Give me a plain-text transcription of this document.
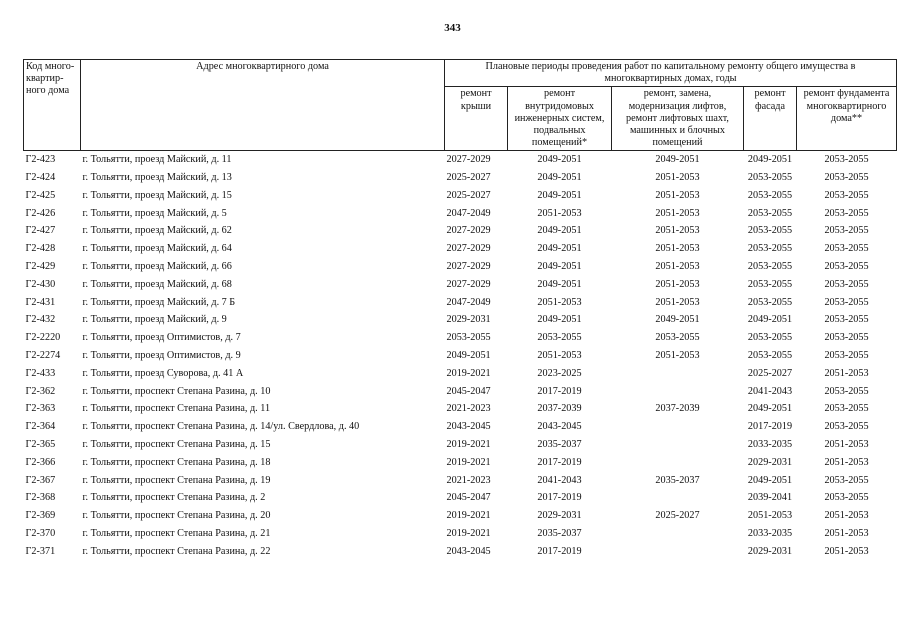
343
Код много-квартир-ного дома	Адрес многоквартирного дома	Плановые периоды проведения работ по капитальному ремонту общего имущества в многоквартирных домах, годы				
		ремонт крыши	ремонт внутридомовых инженерных систем, подвальных помещений*	ремонт, замена, модернизация лифтов, ремонт лифтовых шахт, машинных и блочных помещений	ремонт фасада	ремонт фундамента многоквартирного дома**
Г2-423	г. Тольятти, проезд Майский, д. 11	2027-2029	2049-2051	2049-2051	2049-2051	2053-2055
Г2-424	г. Тольятти, проезд Майский, д. 13	2025-2027	2049-2051	2051-2053	2053-2055	2053-2055
Г2-425	г. Тольятти, проезд Майский, д. 15	2025-2027	2049-2051	2051-2053	2053-2055	2053-2055
Г2-426	г. Тольятти, проезд Майский, д. 5	2047-2049	2051-2053	2051-2053	2053-2055	2053-2055
Г2-427	г. Тольятти, проезд Майский, д. 62	2027-2029	2049-2051	2051-2053	2053-2055	2053-2055
Г2-428	г. Тольятти, проезд Майский, д. 64	2027-2029	2049-2051	2051-2053	2053-2055	2053-2055
Г2-429	г. Тольятти, проезд Майский, д. 66	2027-2029	2049-2051	2051-2053	2053-2055	2053-2055
Г2-430	г. Тольятти, проезд Майский, д. 68	2027-2029	2049-2051	2051-2053	2053-2055	2053-2055
Г2-431	г. Тольятти, проезд Майский, д. 7 Б	2047-2049	2051-2053	2051-2053	2053-2055	2053-2055
Г2-432	г. Тольятти, проезд Майский, д. 9	2029-2031	2049-2051	2049-2051	2049-2051	2053-2055
Г2-2220	г. Тольятти, проезд Оптимистов, д. 7	2053-2055	2053-2055	2053-2055	2053-2055	2053-2055
Г2-2274	г. Тольятти, проезд Оптимистов, д. 9	2049-2051	2051-2053	2051-2053	2053-2055	2053-2055
Г2-433	г. Тольятти, проезд Суворова, д. 41 А	2019-2021	2023-2025		2025-2027	2051-2053
Г2-362	г. Тольятти, проспект Степана Разина, д. 10	2045-2047	2017-2019		2041-2043	2053-2055
Г2-363	г. Тольятти, проспект Степана Разина, д. 11	2021-2023	2037-2039	2037-2039	2049-2051	2053-2055
Г2-364	г. Тольятти, проспект Степана Разина, д. 14/ул. Свердлова, д. 40	2043-2045	2043-2045		2017-2019	2053-2055
Г2-365	г. Тольятти, проспект Степана Разина, д. 15	2019-2021	2035-2037		2033-2035	2051-2053
Г2-366	г. Тольятти, проспект Степана Разина, д. 18	2019-2021	2017-2019		2029-2031	2051-2053
Г2-367	г. Тольятти, проспект Степана Разина, д. 19	2021-2023	2041-2043	2035-2037	2049-2051	2053-2055
Г2-368	г. Тольятти, проспект Степана Разина, д. 2	2045-2047	2017-2019		2039-2041	2053-2055
Г2-369	г. Тольятти, проспект Степана Разина, д. 20	2019-2021	2029-2031	2025-2027	2051-2053	2051-2053
Г2-370	г. Тольятти, проспект Степана Разина, д. 21	2019-2021	2035-2037		2033-2035	2051-2053
Г2-371	г. Тольятти, проспект Степана Разина, д. 22	2043-2045	2017-2019		2029-2031	2051-2053
